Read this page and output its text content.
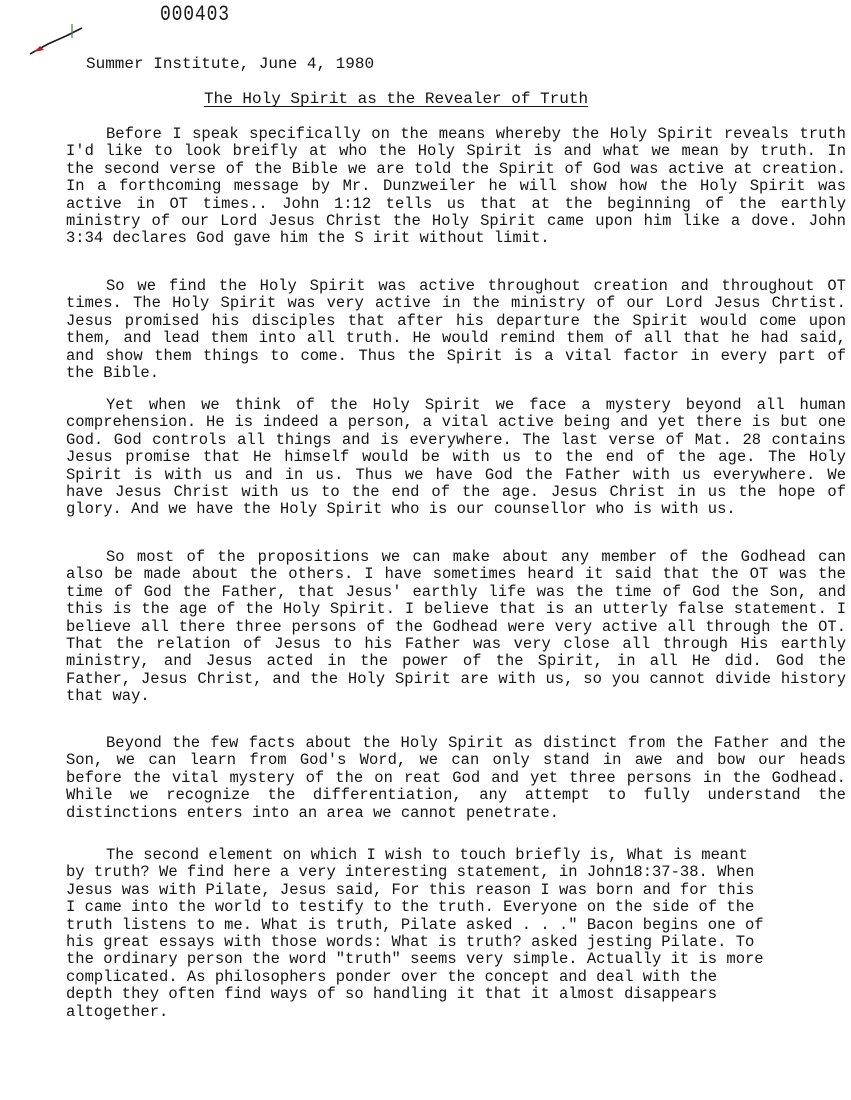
000403
Summer Institute, June 4, 1980
The Holy Spirit as the Revealer of Truth

Before I speak specifically on the means whereby the Holy Spirit reveals truth I'd like to look breifly at who the Holy Spirit is and what we mean by truth. In the second verse of the Bible we are told the Spirit of God was active at creation. In a forthcoming message by Mr. Dunzweiler he will show how the Holy Spirit was active in OT times.. John 1:12 tells us that at the beginning of the earthly ministry of our Lord Jesus Christ the Holy Spirit came upon him like a dove. John 3:34 declares God gave him the S irit without limit.

So we find the Holy Spirit was active throughout creation and throughout OT times. The Holy Spirit was very active in the ministry of our Lord Jesus Chrtist. Jesus promised his disciples that after his departure the Spirit would come upon them, and lead them into all truth. He would remind them of all that he had said, and show them things to come. Thus the Spirit is a vital factor in every part of the Bible.

Yet when we think of the Holy Spirit we face a mystery beyond all human comprehension. He is indeed a person, a vital active being and yet there is but one God. God controls all things and is everywhere. The last verse of Mat. 28 contains Jesus promise that He himself would be with us to the end of the age. The Holy Spirit is with us and in us. Thus we have God the Father with us everywhere. We have Jesus Christ with us to the end of the age. Jesus Christ in us the hope of glory. And we have the Holy Spirit who is our counsellor who is with us.

So most of the propositions we can make about any member of the Godhead can also be made about the others. I have sometimes heard it said that the OT was the time of God the Father, that Jesus' earthly life was the time of God the Son, and this is the age of the Holy Spirit. I believe that is an utterly false statement. I believe all there three persons of the Godhead were very active all through the OT. That the relation of Jesus to his Father was very close all through His earthly ministry, and Jesus acted in the power of the Spirit, in all He did. God the Father, Jesus Christ, and the Holy Spirit are with us, so you cannot divide history that way.

Beyond the few facts about the Holy Spirit as distinct from the Father and the Son, we can learn from God's Word, we can only stand in awe and bow our heads before the vital mystery of the on reat God and yet three persons in the Godhead. While we recognize the differentiation, any attempt to fully understand the distinctions enters into an area we cannot penetrate.

The second element on which I wish to touch briefly is, What is meant by truth? We find here a very interesting statement, in John18:37-38. When Jesus was with Pilate, Jesus said, For this reason I was born and for this I came into the world to testify to the truth. Everyone on the side of the truth listens to me. What is truth, Pilate asked . . ." Bacon begins one of his great essays with those words: What is truth? asked jesting Pilate. To the ordinary person the word "truth" seems very simple. Actually it is more complicated. As philosophers ponder over the concept and deal with the depth they often find ways of so handling it that it almost disappears altogether.
